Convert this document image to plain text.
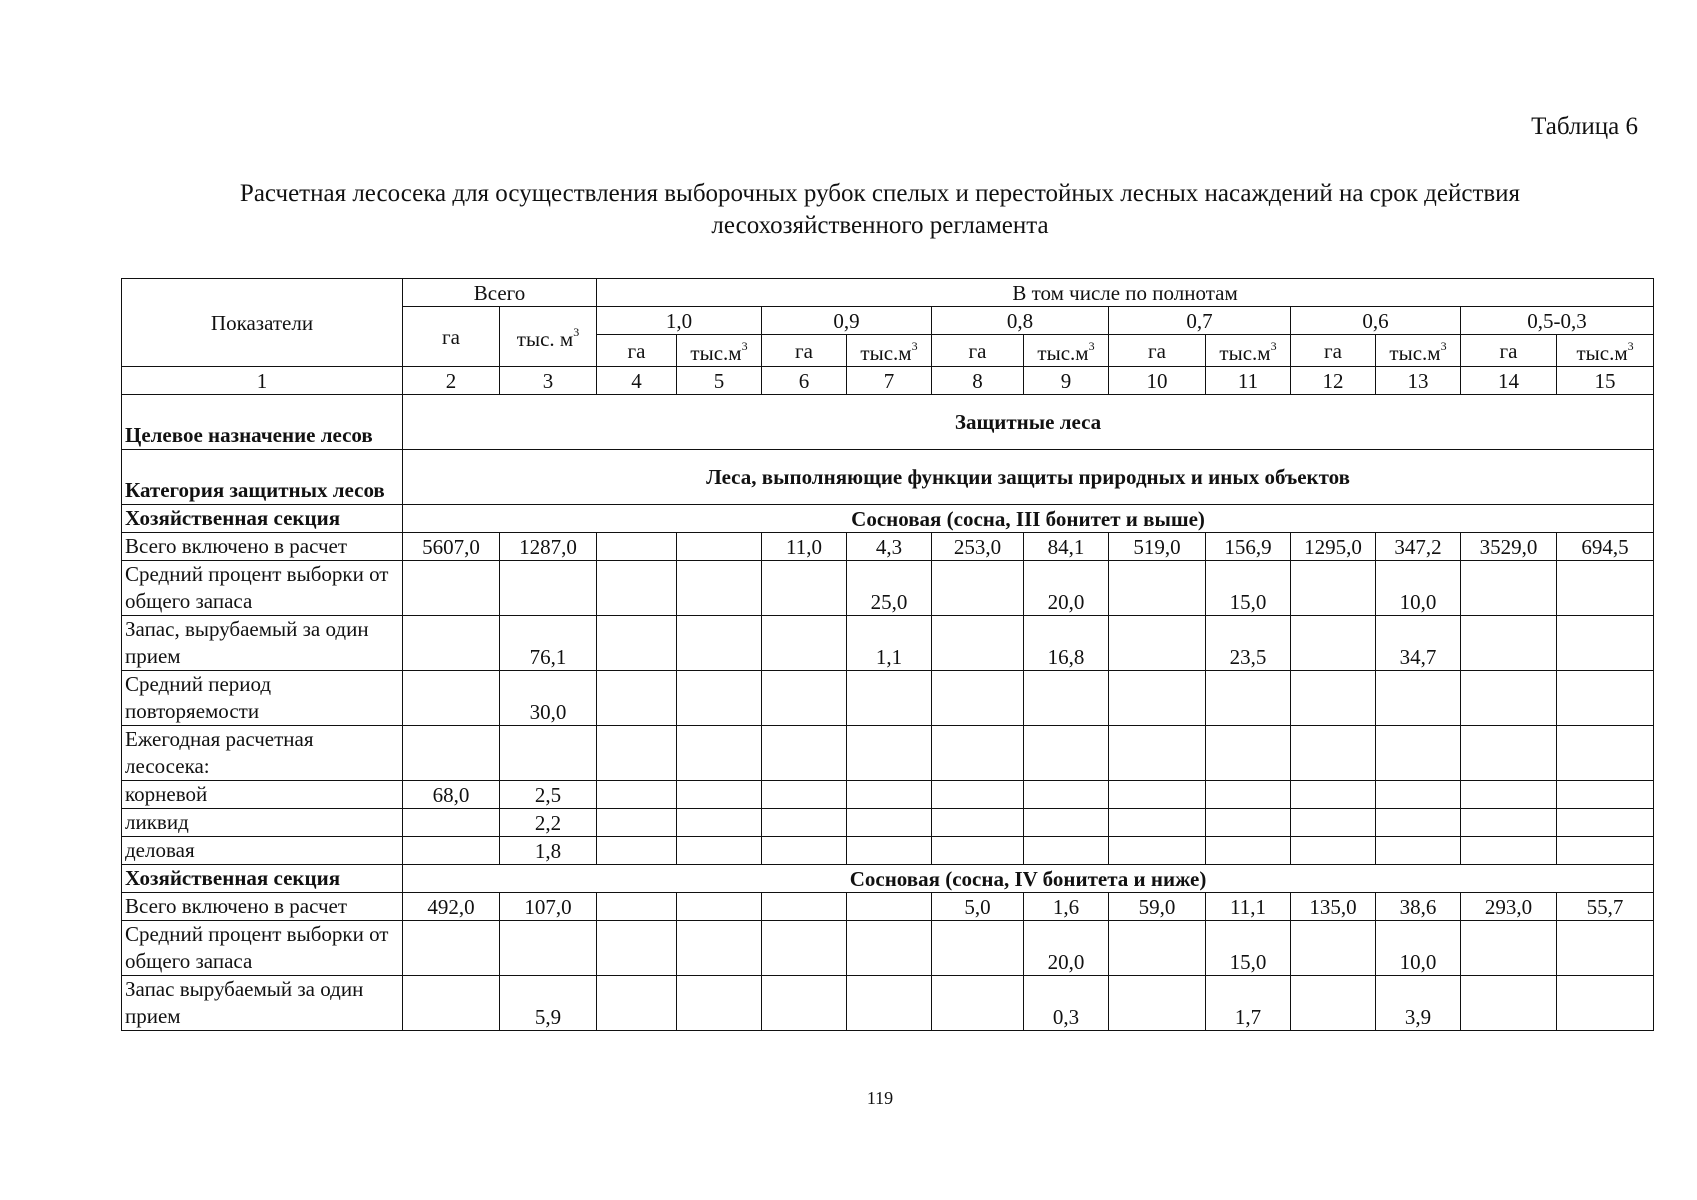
Таблица 6
Расчетная лесосека для осуществления выборочных рубок спелых и перестойных лесных насаждений на срок действия
лесохозяйственного регламента
Показатели	Всего		В том числе по полнотам											
	га	тыс. $м^3$	1,0		0,9		0,8		0,7		0,6		0,5-0,3	
			га	$тыс.м^3$	га	$тыс.м^3$	га	$тыс.м^3$	га	$тыс.м^3$	га	$тыс.м^3$	га	$тыс.м^3$
1	2	3	4	5	6	7	8	9	10	11	12	13	14	15
Целевое назначение лесов	Защитные леса													
Категория защитных лесов	Леса, выполняющие функции защиты природных и иных объектов													
Хозяйственная секция	Сосновая (сосна, III бонитет и выше)													
Всего включено в расчет	5607,0	1287,0			11,0	4,3	253,0	84,1	519,0	156,9	1295,0	347,2	3529,0	694,5
Средний процент выборки от общего запаса						25,0		20,0		15,0		10,0		
Запас, вырубаемый за один прием		76,1				1,1		16,8		23,5		34,7		
Средний период повторяемости		30,0												
Ежегодная расчетная лесосека:														
корневой	68,0	2,5												
ликвид		2,2												
деловая		1,8												
Хозяйственная секция	Сосновая (сосна, IV бонитета и ниже)													
Всего включено в расчет	492,0	107,0					5,0	1,6	59,0	11,1	135,0	38,6	293,0	55,7
Средний процент выборки от общего запаса								20,0		15,0		10,0		
Запас вырубаемый за один прием		5,9						0,3		1,7		3,9		
119
